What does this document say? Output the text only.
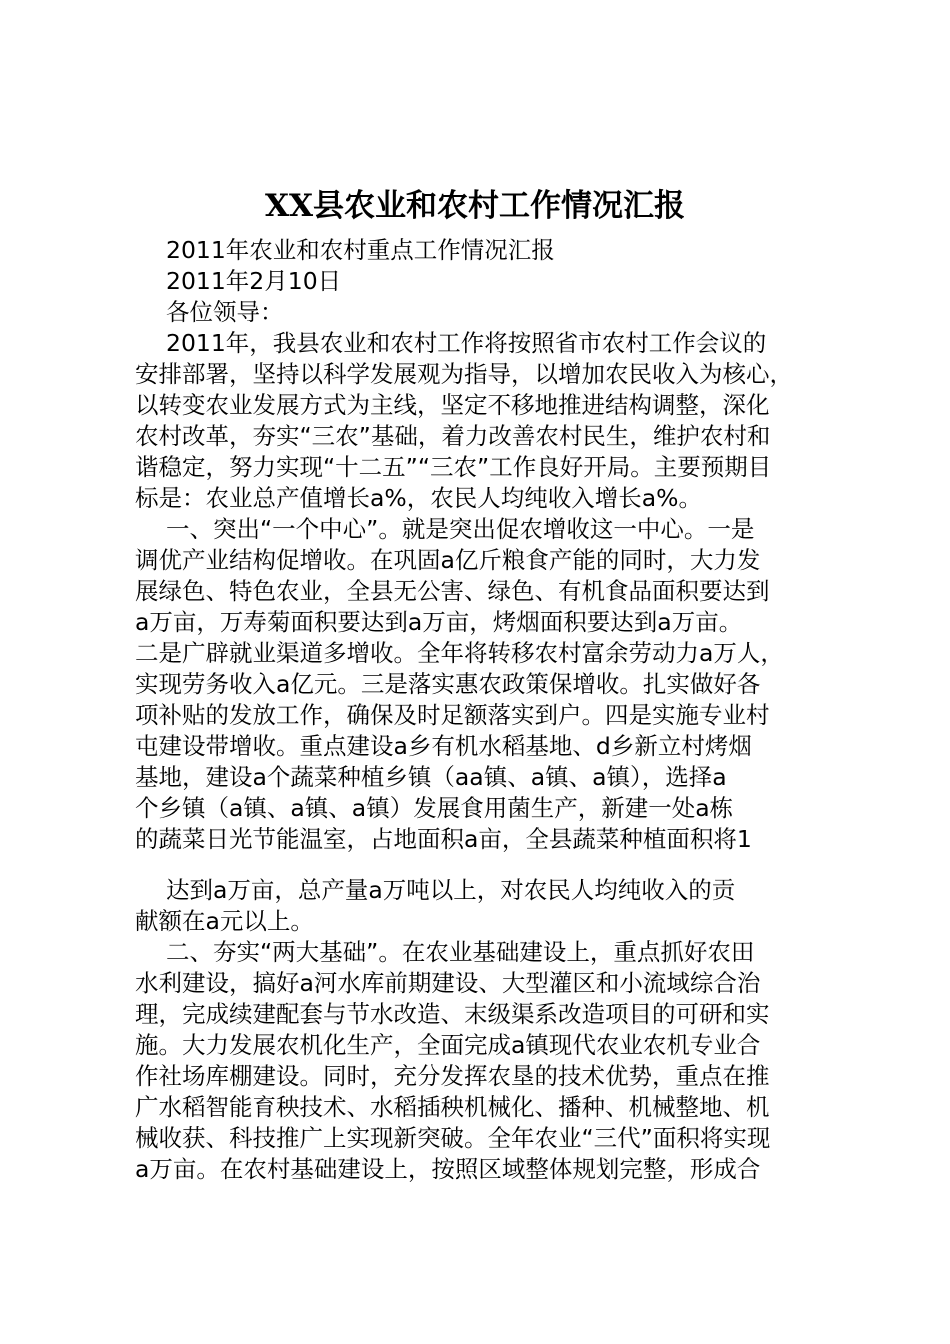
XX县农业和农村工作情况汇报
2011年农业和农村重点工作情况汇报
2011年2月10日
各位领导：
2011年，我县农业和农村工作将按照省市农村工作会议的
安排部署，坚持以科学发展观为指导，以增加农民收入为核心，
以转变农业发展方式为主线，坚定不移地推进结构调整，深化
农村改革，夯实“三农”基础，着力改善农村民生，维护农村和
谐稳定，努力实现“十二五”“三农”工作良好开局。主要预期目
标是：农业总产值增长a%，农民人均纯收入增长a%。
一、突出“一个中心”。就是突出促农增收这一中心。一是
调优产业结构促增收。在巩固a亿斤粮食产能的同时，大力发
展绿色、特色农业，全县无公害、绿色、有机食品面积要达到
a万亩，万寿菊面积要达到a万亩，烤烟面积要达到a万亩。
二是广辟就业渠道多增收。全年将转移农村富余劳动力a万人，
实现劳务收入a亿元。三是落实惠农政策保增收。扎实做好各
项补贴的发放工作，确保及时足额落实到户。四是实施专业村
屯建设带增收。重点建设a乡有机水稻基地、d乡新立村烤烟
基地，建设a个蔬菜种植乡镇（aa镇、a镇、a镇），选择a
个乡镇（a镇、a镇、a镇）发展食用菌生产，新建一处a栋
的蔬菜日光节能温室，占地面积a亩，全县蔬菜种植面积将1
达到a万亩，总产量a万吨以上，对农民人均纯收入的贡
献额在a元以上。
二、夯实“两大基础”。在农业基础建设上，重点抓好农田
水利建设，搞好a河水库前期建设、大型灌区和小流域综合治
理，完成续建配套与节水改造、末级渠系改造项目的可研和实
施。大力发展农机化生产，全面完成a镇现代农业农机专业合
作社场库棚建设。同时，充分发挥农垦的技术优势，重点在推
广水稻智能育秧技术、水稻插秧机械化、播种、机械整地、机
械收获、科技推广上实现新突破。全年农业“三代”面积将实现
a万亩。在农村基础建设上，按照区域整体规划完整，形成合
